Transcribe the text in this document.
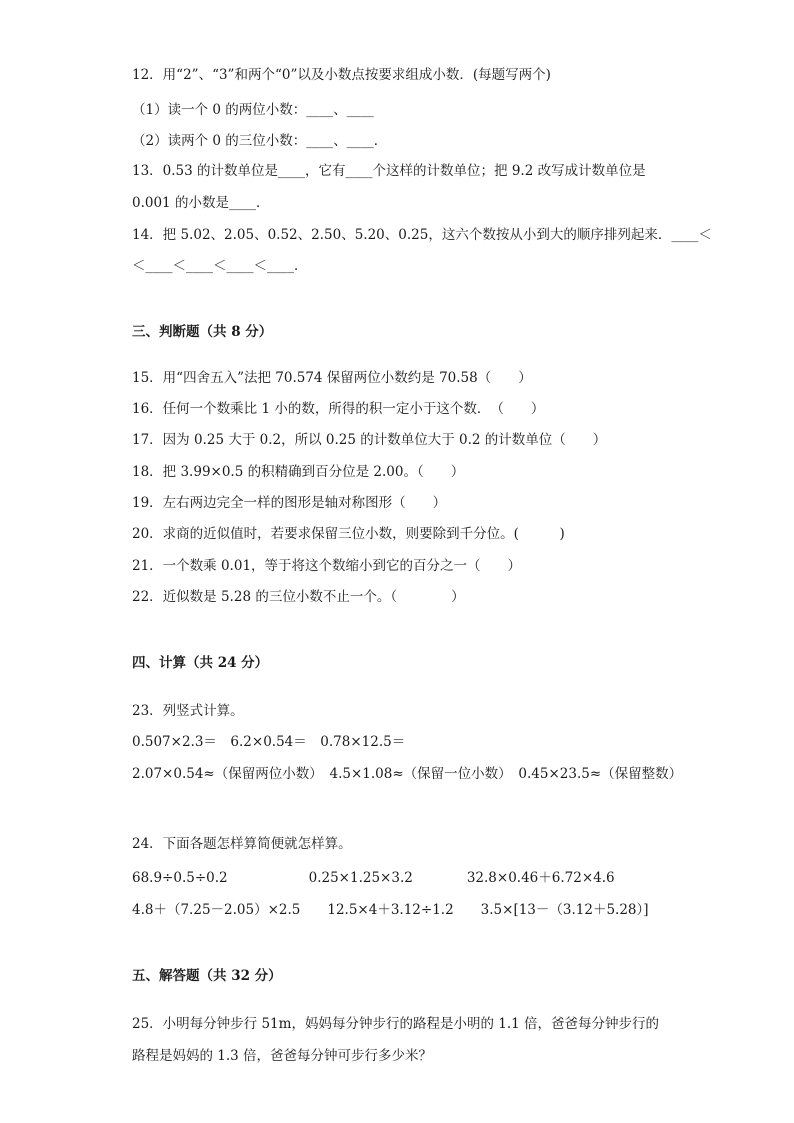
12．用“2”、“3”和两个“0”以及小数点按要求组成小数．(每题写两个)
（1）读一个 0 的两位小数：____、____
（2）读两个 0 的三位小数：____、____．
13．0.53 的计数单位是____，它有____个这样的计数单位；把 9.2 改写成计数单位是
0.001 的小数是____．
14．把 5.02、2.05、0.52、2.50、5.20、0.25，这六个数按从小到大的顺序排列起来．____＜
＜____＜____＜____＜____．
三、判断题（共 8 分）
15．用“四舍五入”法把 70.574 保留两位小数约是 70.58（　　）
16．任何一个数乘比 1 小的数，所得的积一定小于这个数．　（　　）
17．因为 0.25 大于 0.2，所以 0.25 的计数单位大于 0.2 的计数单位（　　）
18．把 3.99×0.5 的积精确到百分位是 2.00。（　　）
19．左右两边完全一样的图形是轴对称图形（　　）
20．求商的近似值时，若要求保留三位小数，则要除到千分位。(　　　)
21．一个数乘 0.01，等于将这个数缩小到它的百分之一（　　）
22．近似数是 5.28 的三位小数不止一个。（　　　　）
四、计算（共 24 分）
23．列竖式计算。
0.507×2.3＝　6.2×0.54＝　0.78×12.5＝
2.07×0.54≈（保留两位小数）　4.5×1.08≈（保留一位小数）　0.45×23.5≈（保留整数）
24．下面各题怎样算简便就怎样算。
68.9÷0.5÷0.2　　　　　　0.25×1.25×3.2　　　　32.8×0.46＋6.72×4.6
4.8＋（7.25－2.05）×2.5　　12.5×4＋3.12÷1.2　　3.5×[13－（3.12＋5.28）]
五、解答题（共 32 分）
25．小明每分钟步行 51m，妈妈每分钟步行的路程是小明的 1.1 倍，爸爸每分钟步行的
路程是妈妈的 1.3 倍，爸爸每分钟可步行多少米？
